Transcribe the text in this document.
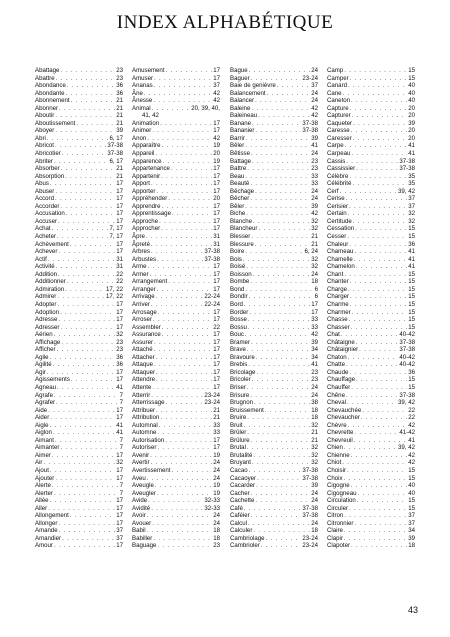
INDEX ALPHABÉTIQUE
Abattage . . .	23
Abattre . . .	23
Abondance . . .	36
Abondante . . .	36
Abonnement . . .	21
Abonner . . .	21
Aboutir . . .	21
Aboutissement . . .	21
Aboyer . . .	39
Abri . . .	6, 17
Abricot . . .	37-38
Abricotier . . .	37-38
Abriter . . .	6, 17
Absorber . . .	21
Absorption . . .	21
Abus . . .	17
Abuser . . .	17
Accord . . .	17
Accorder . . .	17
Accusation . . .	17
Accuser . . .	17
Achat . . .	7, 17
Acheter . . .	7, 17
Achèvement . . .	17
Achever . . .	17
Actif . . .	31
Activité . . .	31
Addition . . .	22
Additionner . . .	22
Admiration . . .	17, 22
Admirer . . .	17, 22
Adopter . . .	17
Adoption . . .	17
Adresse . . .	17
Adresser . . .	17
Aérien . . .	32
Affichage . . .	23
Afficher . . .	23
Agile . . .	36
Agilité . . .	36
Agir . . .	17
Agissements . . .	17
Agneau . . .	41
Agrafe . . .	7
Agrafer . . .	7
Aide . . .	17
Aider . . .	17
Aigle . . .	41
Aiglon . . .	41
Aimant . . .	7
Aimanter . . .	7
Aimer . . .	17
Air . . .	32
Ajout . . .	17
Ajouter . . .	17
Alerte . . .	7
Alerter . . .	7
Allée . . .	17
Aller . . .	17
Allongement . . .	17
Allonger . . .	17
Amande . . .	37
Amandier . . .	37
Amour . . .	17
Amusement . . .	17
Amuser . . .	17
Ananas . . .	37
Âne . . .	42
Ânesse . . .	42
Animal . . .	20, 39, 40,
41, 42
Animation . . .	17
Animer . . .	17
Anon . . .	42
Apparaître . . .	19
Appareil . . .	20
Apparence . . .	19
Appartenance . . .	17
Appartenir . . .	17
Apport . . .	17
Apporter . . .	17
Appréhender . . .	20
Apprendre . . .	17
Apprentissage . . .	17
Approche . . .	17
Approcher . . .	17
Âpre . . .	31
Âpreté . . .	31
Arbres . . .	37-38
Arbustes . . .	37-38
Arme . . .	17
Armer . . .	17
Arrangement . . .	17
Arranger . . .	17
Arrivage . . .	22-24
Arriver . . .	22-24
Arrosage . . .	17
Arroser . . .	17
Assembler . . .	22
Assurance . . .	17
Assurer . . .	17
Attaché . . .	17
Attacher . . .	17
Attaque . . .	17
Attaquer . . .	17
Attendre . . .	17
Attente . . .	17
Atterrir . . .	23-24
Atterrissage . . .	23-24
Attribuer . . .	21
Attribution . . .	21
Automnal . . .	33
Automne . . .	33
Autorisation . . .	17
Autoriser . . .	17
Avenir . . .	19
Avertir . . .	24
Avertissement . . .	24
Aveu . . .	24
Aveugle . . .	19
Aveugler . . .	19
Avide . . .	32-33
Avidité . . .	32-33
Avoir . . .	24
Avouer . . .	24
Babil . . .	18
Babiller . . .	18
Baguage . . .	23
Bague . . .	24
Baguer . . .	23-24
Baie de genièvre . . .	37
Balancement . . .	24
Balancer . . .	24
Baleine . . .	42
Baleineau . . .	42
Banane . . .	37-38
Bananier . . .	37-38
Barrir . . .	39
Bêler . . .	41
Bêtisse . . .	24
Battage . . .	23
Battre . . .	23
Beau . . .	33
Beauté . . .	33
Bêchage . . .	24
Bêcher . . .	24
Bêler . . .	39
Biche . . .	42
Blanche . . .	32
Blancheur . . .	32
Blesser . . .	21
Blessure . . .	21
Boire . . .	6, 24
Bois . . .	32
Boisé . . .	32
Boisson . . .	24
Bombe . . .	18
Bond . . .	6
Bondir . . .	6
Bord . . .	17
Border . . .	17
Bosse . . .	33
Bossu . . .	33
Bouc . . .	42
Bramer . . .	39
Brave . . .	34
Bravoure . . .	34
Brebis . . .	41
Bricolage . . .	23
Bricoler . . .	23
Briser . . .	24
Brisure . . .	24
Brugnon . . .	38
Bruissement . . .	18
Bruire . . .	18
Bruit . . .	32
Brûler . . .	21
Brûlure . . .	21
Brutal . . .	32
Brutalité . . .	32
Bruyant . . .	32
Cacao . . .	37-38
Cacaoyer . . .	37-38
Cacarder . . .	39
Cacher . . .	24
Cachette . . .	24
Café . . .	37-38
Caféier . . .	37-38
Calcul . . .	24
Calculer . . .	18
Cambriolage . . .	23-24
Cambrioler . . .	23-24
Camp . . .	15
Camper . . .	15
Canard . . .	40
Cane . . .	40
Caneton . . .	40
Capture . . .	20
Capturer . . .	20
Caqueter . . .	39
Caresse . . .	20
Caresser . . .	20
Carpe . . .	41
Carpeau . . .	41
Cassis . . .	37-38
Cassissier . . .	37-38
Célèbre . . .	35
Célébrité . . .	35
Cerf . . .	39, 42
Cerise . . .	37
Cerisier . . .	37
Certain . . .	32
Certitude . . .	32
Cessation . . .	15
Cesser . . .	15
Chaleur . . .	36
Chameau . . .	41
Chamelle . . .	41
Chamelon . . .	41
Chant . . .	15
Chanter . . .	15
Charge . . .	15
Charger . . .	15
Charme . . .	15
Charmer . . .	15
Chasse . . .	15
Chasser . . .	15
Chat . . .	40-42
Châtaigne . . .	37-38
Châtaignier . . .	37-38
Chaton . . .	40-42
Chatte . . .	40-42
Chaude . . .	36
Chauffage . . .	15
Chauffer . . .	15
Chêne . . .	37-38
Cheval . . .	39, 42
Chevauchée . . .	22
Chevaucher . . .	22
Chèvre . . .	42
Chevrette . . .	41-42
Chevreuil . . .	41
Chien . . .	39, 42
Chienne . . .	42
Chiot . . .	42
Choisir . . .	15
Choix . . .	15
Cigogne . . .	40
Cigogneau . . .	40
Circulation . . .	15
Circuler . . .	15
Citron . . .	37
Citronnier . . .	37
Claire . . .	34
Clapir . . .	39
Clapoter . . .	18
43
